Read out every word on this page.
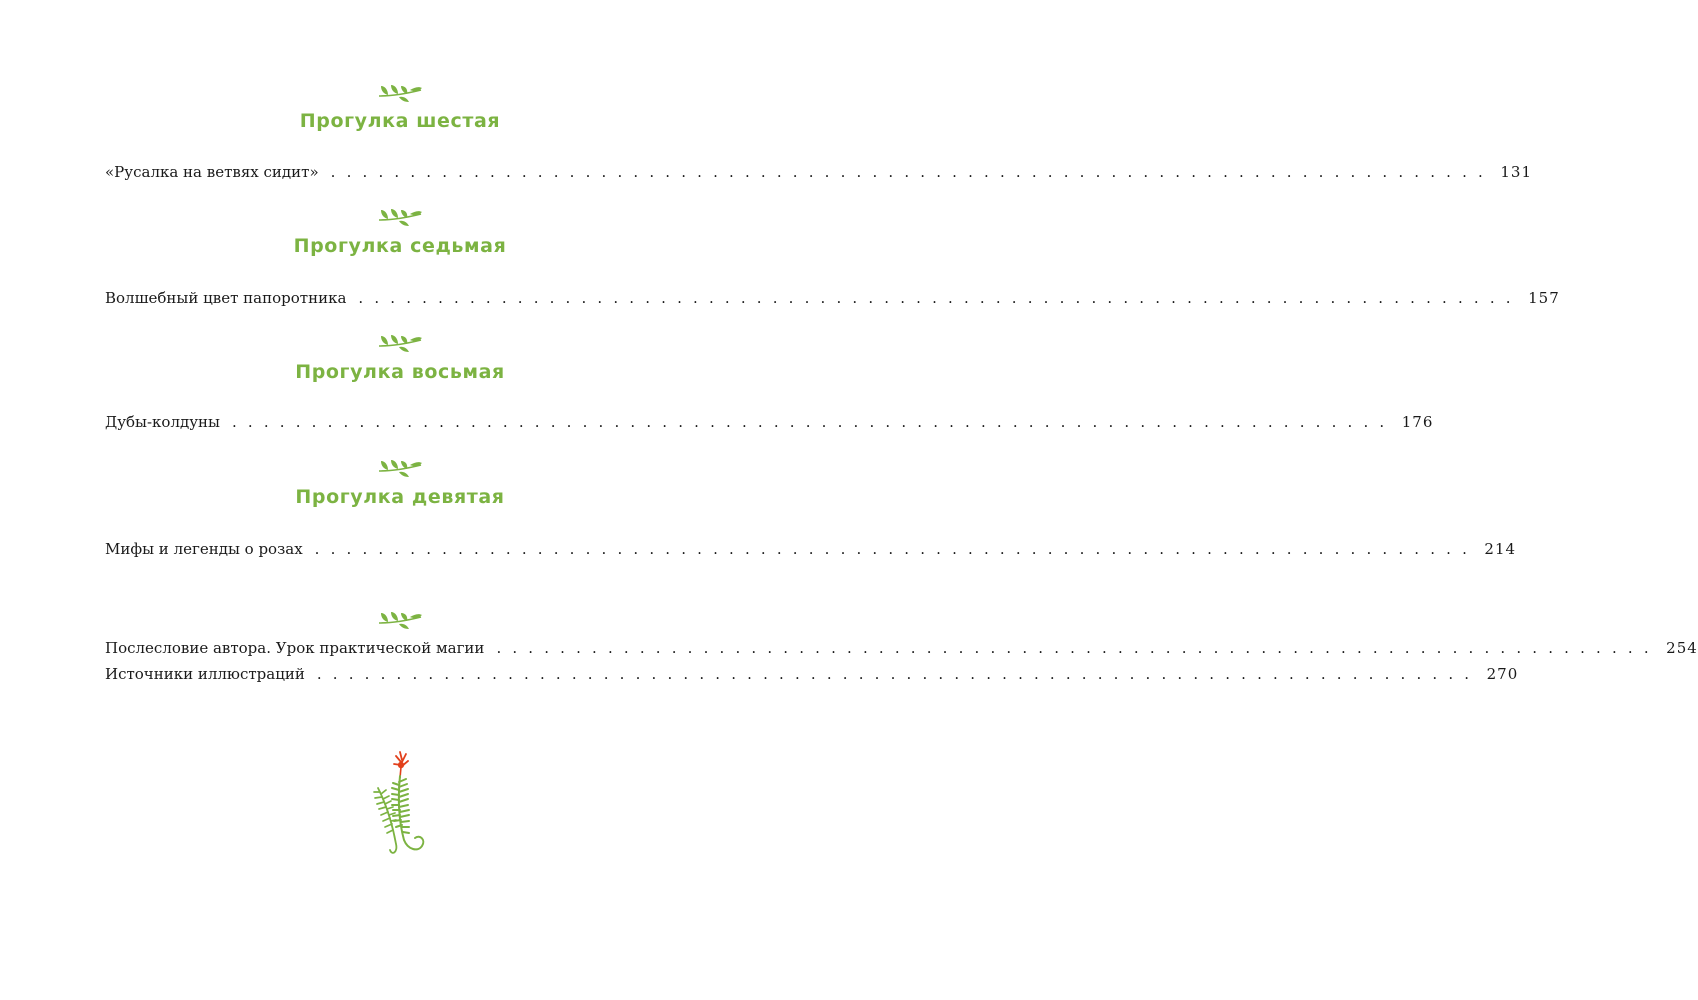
Прогулка шестая
«Русалка на ветвях сидит» . . . . . . . . . . . . . . . . . . . . . . . . . . . . . . . . . . . . . . . . . . . . . . . . . . . . . . . . . . . . . . . . . . . . . . . . . 131
Прогулка седьмая
Волшебный цвет папоротника . . . . . . . . . . . . . . . . . . . . . . . . . . . . . . . . . . . . . . . . . . . . . . . . . . . . . . . . . . . . . . . . . . . . . . . . . 157
Прогулка восьмая
Дубы-колдуны . . . . . . . . . . . . . . . . . . . . . . . . . . . . . . . . . . . . . . . . . . . . . . . . . . . . . . . . . . . . . . . . . . . . . . . . . 176
Прогулка девятая
Мифы и легенды о розах . . . . . . . . . . . . . . . . . . . . . . . . . . . . . . . . . . . . . . . . . . . . . . . . . . . . . . . . . . . . . . . . . . . . . . . . . 214
Послесловие автора. Урок практической магии . . . . . . . . . . . . . . . . . . . . . . . . . . . . . . . . . . . . . . . . . . . . . . . . . . . . . . . . . . . . . . . . . . . . . . . . . 254
Источники иллюстраций . . . . . . . . . . . . . . . . . . . . . . . . . . . . . . . . . . . . . . . . . . . . . . . . . . . . . . . . . . . . . . . . . . . . . . . . . 270
